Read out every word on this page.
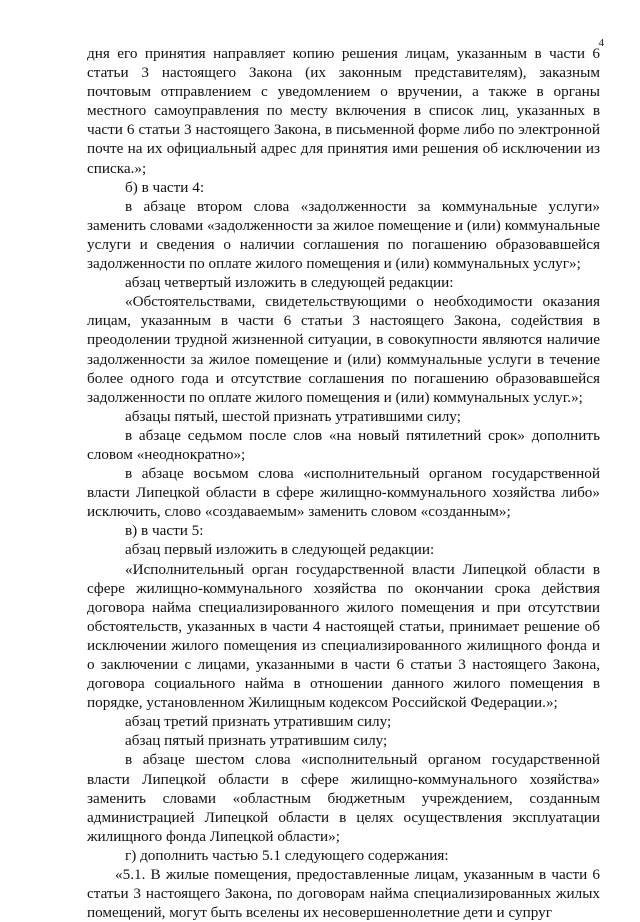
4

дня его принятия направляет копию решения лицам, указанным в части 6 статьи 3 настоящего Закона (их законным представителям), заказным почтовым отправлением с уведомлением о вручении, а также в органы местного самоуправления по месту включения в список лиц, указанных в части 6 статьи 3 настоящего Закона, в письменной форме либо по электронной почте на их официальный адрес для принятия ими решения об исключении из списка.»;

б) в части 4:

в абзаце втором слова «задолженности за коммунальные услуги» заменить словами «задолженности за жилое помещение и (или) коммунальные услуги и сведения о наличии соглашения по погашению образовавшейся задолженности по оплате жилого помещения и (или) коммунальных услуг»;

абзац четвертый изложить в следующей редакции:

«Обстоятельствами, свидетельствующими о необходимости оказания лицам, указанным в части 6 статьи 3 настоящего Закона, содействия в преодолении трудной жизненной ситуации, в совокупности являются наличие задолженности за жилое помещение и (или) коммунальные услуги в течение более одного года и отсутствие соглашения по погашению образовавшейся задолженности по оплате жилого помещения и (или) коммунальных услуг.»;

абзацы пятый, шестой признать утратившими силу;

в абзаце седьмом после слов «на новый пятилетний срок» дополнить словом «неоднократно»;

в абзаце восьмом слова «исполнительный органом государственной власти Липецкой области в сфере жилищно-коммунального хозяйства либо» исключить, слово «создаваемым» заменить словом «созданным»;

в) в части 5:

абзац первый изложить в следующей редакции:

«Исполнительный орган государственной власти Липецкой области в сфере жилищно-коммунального хозяйства по окончании срока действия договора найма специализированного жилого помещения и при отсутствии обстоятельств, указанных в части 4 настоящей статьи, принимает решение об исключении жилого помещения из специализированного жилищного фонда и о заключении с лицами, указанными в части 6 статьи 3 настоящего Закона, договора социального найма в отношении данного жилого помещения в порядке, установленном Жилищным кодексом Российской Федерации.»;

абзац третий признать утратившим силу;

абзац пятый признать утратившим силу;

в абзаце шестом слова «исполнительный органом государственной власти Липецкой области в сфере жилищно-коммунального хозяйства» заменить словами «областным бюджетным учреждением, созданным администрацией Липецкой области в целях осуществления эксплуатации жилищного фонда Липецкой области»;

г) дополнить частью 5.1 следующего содержания:

«5.1. В жилые помещения, предоставленные лицам, указанным в части 6 статьи 3 настоящего Закона, по договорам найма специализированных жилых помещений, могут быть вселены их несовершеннолетние дети и супруг
